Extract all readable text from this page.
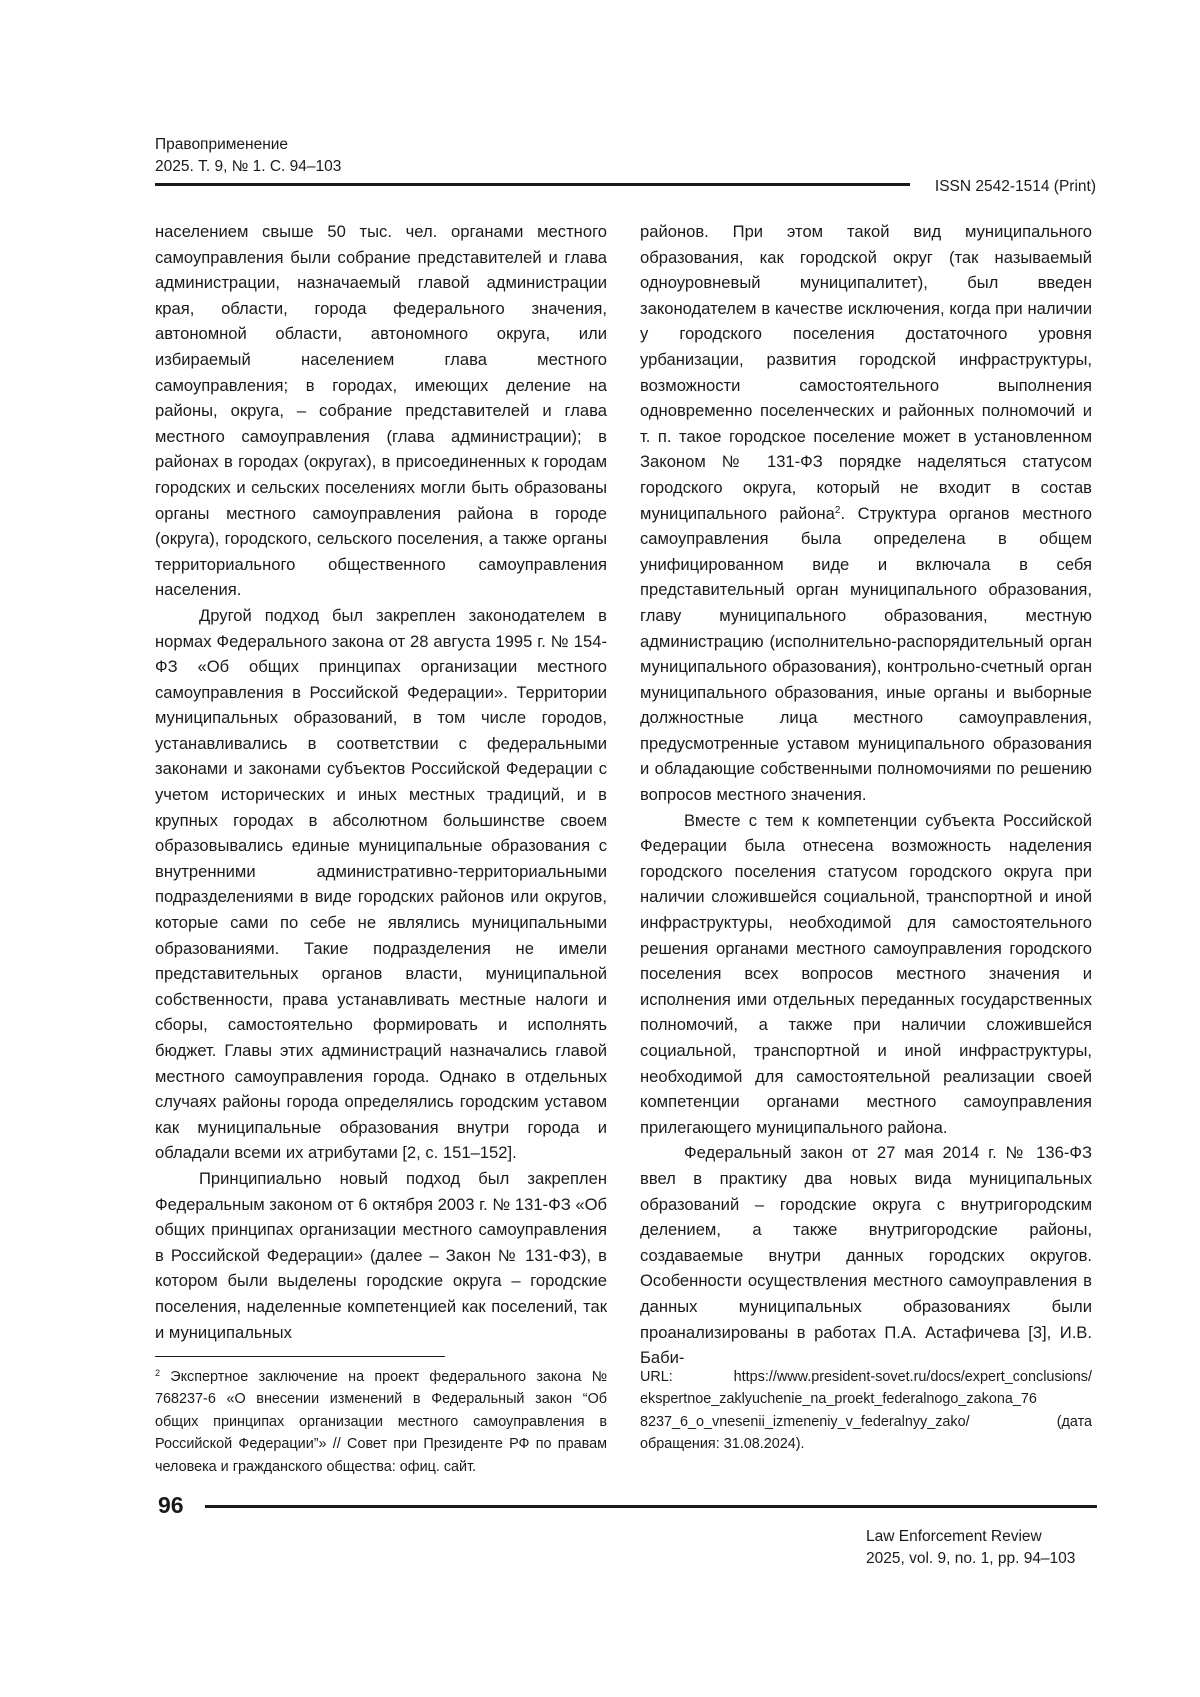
Правоприменение
2025. Т. 9, № 1. С. 94–103
ISSN 2542-1514 (Print)

населением свыше 50 тыс. чел. органами местного самоуправления были собрание представителей и глава администрации, назначаемый главой администрации края, области, города федерального значения, автономной области, автономного округа, или избираемый населением глава местного самоуправления; в городах, имеющих деление на районы, округа, – собрание представителей и глава местного самоуправления (глава администрации); в районах в городах (округах), в присоединенных к городам городских и сельских поселениях могли быть образованы органы местного самоуправления района в городе (округа), городского, сельского поселения, а также органы территориального общественного самоуправления населения.

Другой подход был закреплен законодателем в нормах Федерального закона от 28 августа 1995 г. № 154-ФЗ «Об общих принципах организации местного самоуправления в Российской Федерации». Территории муниципальных образований, в том числе городов, устанавливались в соответствии с федеральными законами и законами субъектов Российской Федерации с учетом исторических и иных местных традиций, и в крупных городах в абсолютном большинстве своем образовывались единые муниципальные образования с внутренними административно-территориальными подразделениями в виде городских районов или округов, которые сами по себе не являлись муниципальными образованиями. Такие подразделения не имели представительных органов власти, муниципальной собственности, права устанавливать местные налоги и сборы, самостоятельно формировать и исполнять бюджет. Главы этих администраций назначались главой местного самоуправления города. Однако в отдельных случаях районы города определялись городским уставом как муниципальные образования внутри города и обладали всеми их атрибутами [2, с. 151–152].

Принципиально новый подход был закреплен Федеральным законом от 6 октября 2003 г. № 131-ФЗ «Об общих принципах организации местного самоуправления в Российской Федерации» (далее – Закон № 131-ФЗ), в котором были выделены городские округа – городские поселения, наделенные компетенцией как поселений, так и муниципальных

районов. При этом такой вид муниципального образования, как городской округ (так называемый одноуровневый муниципалитет), был введен законодателем в качестве исключения, когда при наличии у городского поселения достаточного уровня урбанизации, развития городской инфраструктуры, возможности самостоятельного выполнения одновременно поселенческих и районных полномочий и т. п. такое городское поселение может в установленном Законом № 131-ФЗ порядке наделяться статусом городского округа, который не входит в состав муниципального района$^2$. Структура органов местного самоуправления была определена в общем унифицированном виде и включала в себя представительный орган муниципального образования, главу муниципального образования, местную администрацию (исполнительно-распорядительный орган муниципального образования), контрольно-счетный орган муниципального образования, иные органы и выборные должностные лица местного самоуправления, предусмотренные уставом муниципального образования и обладающие собственными полномочиями по решению вопросов местного значения.

Вместе с тем к компетенции субъекта Российской Федерации была отнесена возможность наделения городского поселения статусом городского округа при наличии сложившейся социальной, транспортной и иной инфраструктуры, необходимой для самостоятельного решения органами местного самоуправления городского поселения всех вопросов местного значения и исполнения ими отдельных переданных государственных полномочий, а также при наличии сложившейся социальной, транспортной и иной инфраструктуры, необходимой для самостоятельной реализации своей компетенции органами местного самоуправления прилегающего муниципального района.

Федеральный закон от 27 мая 2014 г. № 136-ФЗ ввел в практику два новых вида муниципальных образований – городские округа с внутригородским делением, а также внутригородские районы, создаваемые внутри данных городских округов. Особенности осуществления местного самоуправления в данных муниципальных образованиях были проанализированы в работах П.А. Астафичева [3], И.В. Баби-

$^2$ Экспертное заключение на проект федерального закона № 768237-6 «О внесении изменений в Федеральный закон “Об общих принципах организации местного самоуправления в Российской Федерации”» // Совет при Президенте РФ по правам человека и гражданского общества: офиц. сайт.

URL: https://www.president-sovet.ru/docs/expert_conclusions/ ekspertnoe_zaklyuchenie_na_proekt_federalnogo_zakona_76 8237_6_o_vnesenii_izmeneniy_v_federalnyy_zako/ (дата обращения: 31.08.2024).

96
Law Enforcement Review
2025, vol. 9, no. 1, pp. 94–103
